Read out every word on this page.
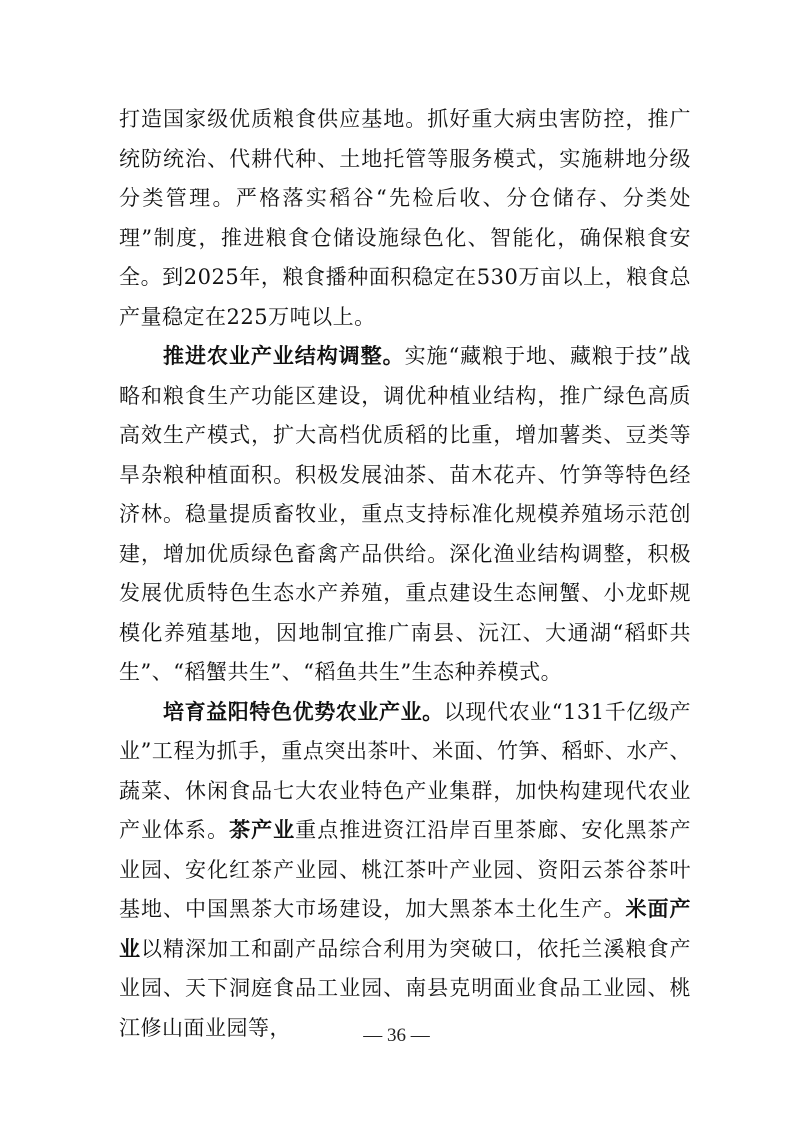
打造国家级优质粮食供应基地。抓好重大病虫害防控，推广统防统治、代耕代种、土地托管等服务模式，实施耕地分级分类管理。严格落实稻谷“先检后收、分仓储存、分类处理”制度，推进粮食仓储设施绿色化、智能化，确保粮食安全。到2025年，粮食播种面积稳定在530万亩以上，粮食总产量稳定在225万吨以上。

推进农业产业结构调整。实施“藏粮于地、藏粮于技”战略和粮食生产功能区建设，调优种植业结构，推广绿色高质高效生产模式，扩大高档优质稻的比重，增加薯类、豆类等旱杂粮种植面积。积极发展油茶、苗木花卉、竹笋等特色经济林。稳量提质畜牧业，重点支持标准化规模养殖场示范创建，增加优质绿色畜禽产品供给。深化渔业结构调整，积极发展优质特色生态水产养殖，重点建设生态闸蟹、小龙虾规模化养殖基地，因地制宜推广南县、沅江、大通湖“稻虾共生”、“稻蟹共生”、“稻鱼共生”生态种养模式。

培育益阳特色优势农业产业。以现代农业“131千亿级产业”工程为抓手，重点突出茶叶、米面、竹笋、稻虾、水产、蔬菜、休闲食品七大农业特色产业集群，加快构建现代农业产业体系。茶产业重点推进资江沿岸百里茶廊、安化黑茶产业园、安化红茶产业园、桃江茶叶产业园、资阳云茶谷茶叶基地、中国黑茶大市场建设，加大黑茶本土化生产。米面产业以精深加工和副产品综合利用为突破口，依托兰溪粮食产业园、天下洞庭食品工业园、南县克明面业食品工业园、桃江修山面业园等，	— 36 —
